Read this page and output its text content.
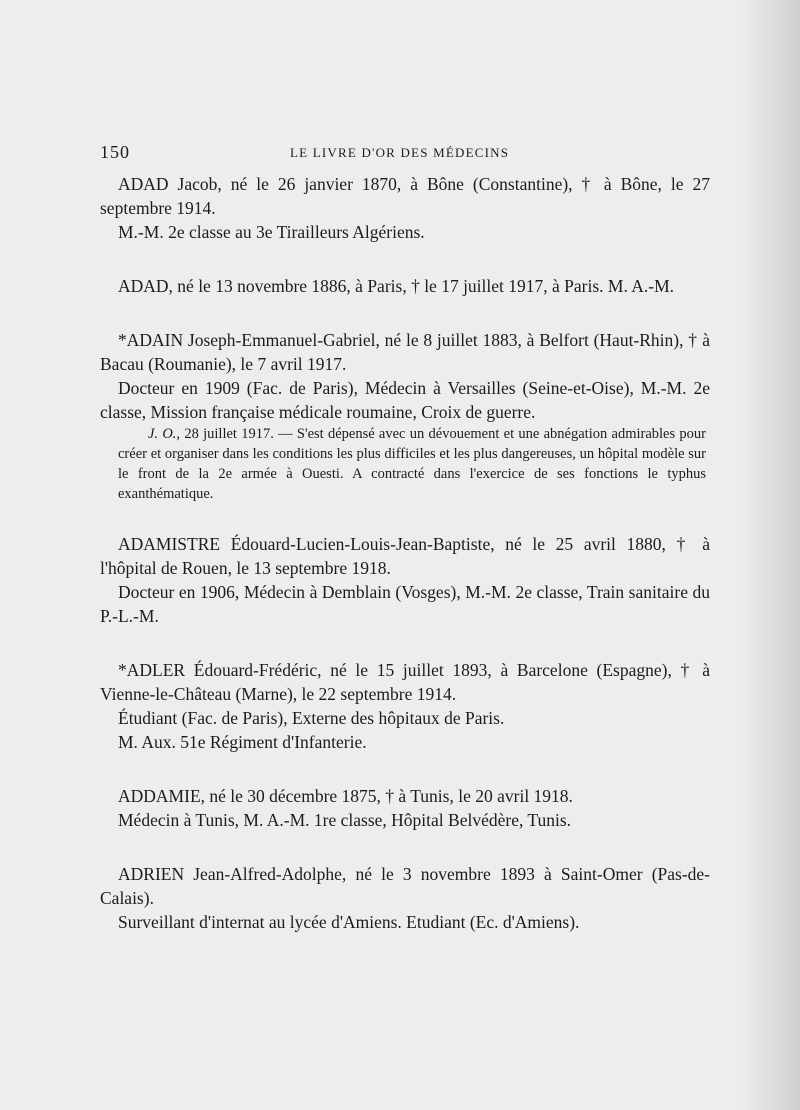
150	LE LIVRE D'OR DES MÉDECINS

ADAD Jacob, né le 26 janvier 1870, à Bône (Constantine), † à Bône, le 27 septembre 1914.

M.-M. 2e classe au 3e Tirailleurs Algériens.

ADAD, né le 13 novembre 1886, à Paris, † le 17 juillet 1917, à Paris. M. A.-M.

*ADAIN Joseph-Emmanuel-Gabriel, né le 8 juillet 1883, à Belfort (Haut-Rhin), † à Bacau (Roumanie), le 7 avril 1917.

Docteur en 1909 (Fac. de Paris), Médecin à Versailles (Seine-et-Oise), M.-M. 2e classe, Mission française médicale roumaine, Croix de guerre.

J. O., 28 juillet 1917. — S'est dépensé avec un dévouement et une abnégation admirables pour créer et organiser dans les conditions les plus difficiles et les plus dangereuses, un hôpital modèle sur le front de la 2e armée à Ouesti. A contracté dans l'exercice de ses fonctions le typhus exanthématique.

ADAMISTRE Édouard-Lucien-Louis-Jean-Baptiste, né le 25 avril 1880, † à l'hôpital de Rouen, le 13 septembre 1918.

Docteur en 1906, Médecin à Demblain (Vosges), M.-M. 2e classe, Train sanitaire du P.-L.-M.

*ADLER Édouard-Frédéric, né le 15 juillet 1893, à Barcelone (Espagne), † à Vienne-le-Château (Marne), le 22 septembre 1914.

Étudiant (Fac. de Paris), Externe des hôpitaux de Paris.

M. Aux. 51e Régiment d'Infanterie.

ADDAMIE, né le 30 décembre 1875, † à Tunis, le 20 avril 1918.

Médecin à Tunis, M. A.-M. 1re classe, Hôpital Belvédère, Tunis.

ADRIEN Jean-Alfred-Adolphe, né le 3 novembre 1893 à Saint-Omer (Pas-de-Calais).

Surveillant d'internat au lycée d'Amiens. Etudiant (Ec. d'Amiens).
